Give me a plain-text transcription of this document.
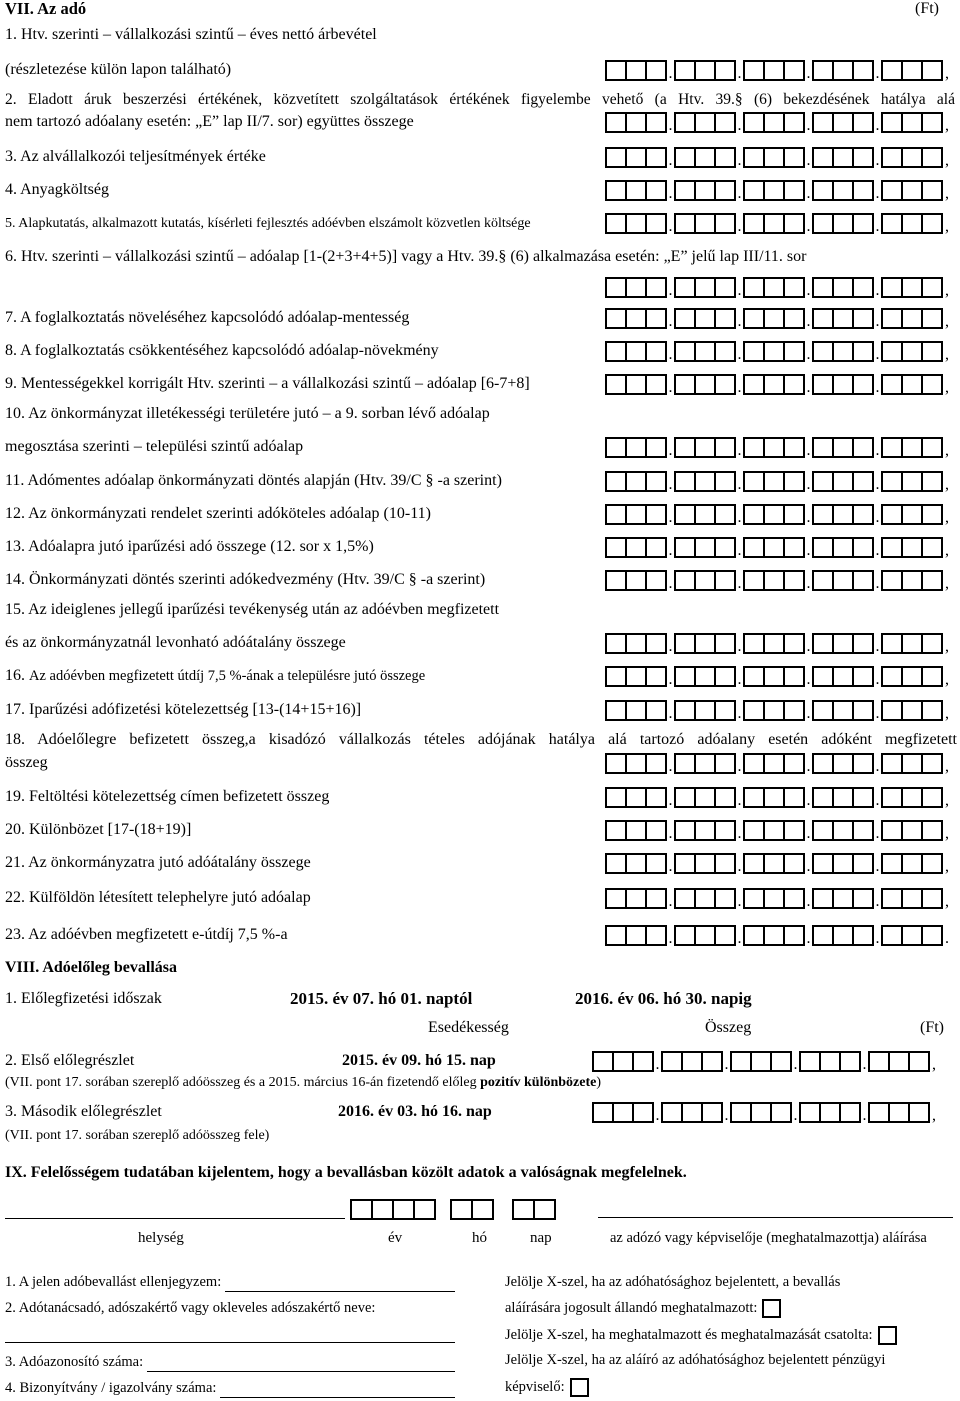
VII. Az adó	(Ft)
1. Htv. szerinti – vállalkozási szintű – éves nettó árbevétel
(részletezése külön lapon található)	.	.	.	.	,
2. Eladott áruk beszerzési értékének, közvetített szolgáltatások értékének figyelembe vehető (a Htv. 39.§ (6) bekezdésének hatálya alá
nem tartozó adóalany esetén: „E” lap II/7. sor) együttes összege	.	.	.	.	,
3. Az alvállalkozói teljesítmények értéke	.	.	.	.	,
4. Anyagköltség	.	.	.	.	,
5. Alapkutatás, alkalmazott kutatás, kísérleti fejlesztés adóévben elszámolt közvetlen költsége	.	.	.	.	,
6. Htv. szerinti – vállalkozási szintű – adóalap [1-(2+3+4+5)] vagy a Htv. 39.§ (6) alkalmazása esetén: „E” jelű lap III/11. sor
.	.	.	.	,
7. A foglalkoztatás növeléséhez kapcsolódó adóalap-mentesség	.	.	.	.	,
8. A foglalkoztatás csökkentéséhez kapcsolódó adóalap-növekmény	.	.	.	.	,
9. Mentességekkel korrigált Htv. szerinti – a vállalkozási szintű – adóalap [6-7+8]	.	.	.	.	,
10. Az önkormányzat illetékességi területére jutó – a 9. sorban lévő adóalap
megosztása szerinti – települési szintű adóalap	.	.	.	.	,
11. Adómentes adóalap önkormányzati döntés alapján (Htv. 39/C § -a szerint)	.	.	.	.	,
12. Az önkormányzati rendelet szerinti adóköteles adóalap (10-11)	.	.	.	.	,
13. Adóalapra jutó iparűzési adó összege (12. sor x 1,5%)	.	.	.	.	,
14. Önkormányzati döntés szerinti adókedvezmény (Htv. 39/C § -a szerint)	.	.	.	.	,
15. Az ideiglenes jellegű iparűzési tevékenység után az adóévben megfizetett
és az önkormányzatnál levonható adóátalány összege	.	.	.	.	,
16. Az adóévben megfizetett útdíj 7,5 %-ának a településre jutó összege	.	.	.	.	,
17. Iparűzési adófizetési kötelezettség [13-(14+15+16)]	.	.	.	.	,
18. Adóelőlegre befizetett összeg,a kisadózó vállalkozás tételes adójának hatálya alá tartozó adóalany esetén adóként megfizetett
összeg	.	.	.	.	,
19. Feltöltési kötelezettség címen befizetett összeg	.	.	.	.	,
20. Különbözet [17-(18+19)]	.	.	.	.	,
21. Az önkormányzatra jutó adóátalány összege	.	.	.	.	,
22. Külföldön létesített telephelyre jutó adóalap	.	.	.	.	,
23. Az adóévben megfizetett e-útdíj 7,5 %-a	.	.	.	.	.
VIII. Adóelőleg bevallása
1. Előlegfizetési időszak	2015. év 07. hó 01. naptól	2016. év 06. hó 30. napig
Esedékesség	Összeg	(Ft)
2. Első előlegrészlet	2015. év 09. hó 15. nap	.	.	.	.	,
(VII. pont 17. sorában szereplő adóösszeg és a 2015. március 16-án fizetendő előleg pozitív különbözete)
3. Második előlegrészlet	2016. év 03. hó 16. nap	.	.	.	.	,
(VII. pont 17. sorában szereplő adóösszeg fele)
IX. Felelősségem tudatában kijelentem, hogy a bevallásban közölt adatok a valóságnak megfelelnek.
helység	év	hó	nap	az adózó vagy képviselője (meghatalmazottja) aláírása
1. A jelen adóbevallást ellenjegyzem:
2. Adótanácsadó, adószakértő vagy okleveles adószakértő neve:
3. Adóazonosító száma:
4. Bizonyítvány / igazolvány száma:
Jelölje X-szel, ha az adóhatósághoz bejelentett, a bevallás
aláírására jogosult állandó meghatalmazott:
Jelölje X-szel, ha meghatalmazott és meghatalmazását csatolta:
Jelölje X-szel, ha az aláíró az adóhatósághoz bejelentett pénzügyi
képviselő:
